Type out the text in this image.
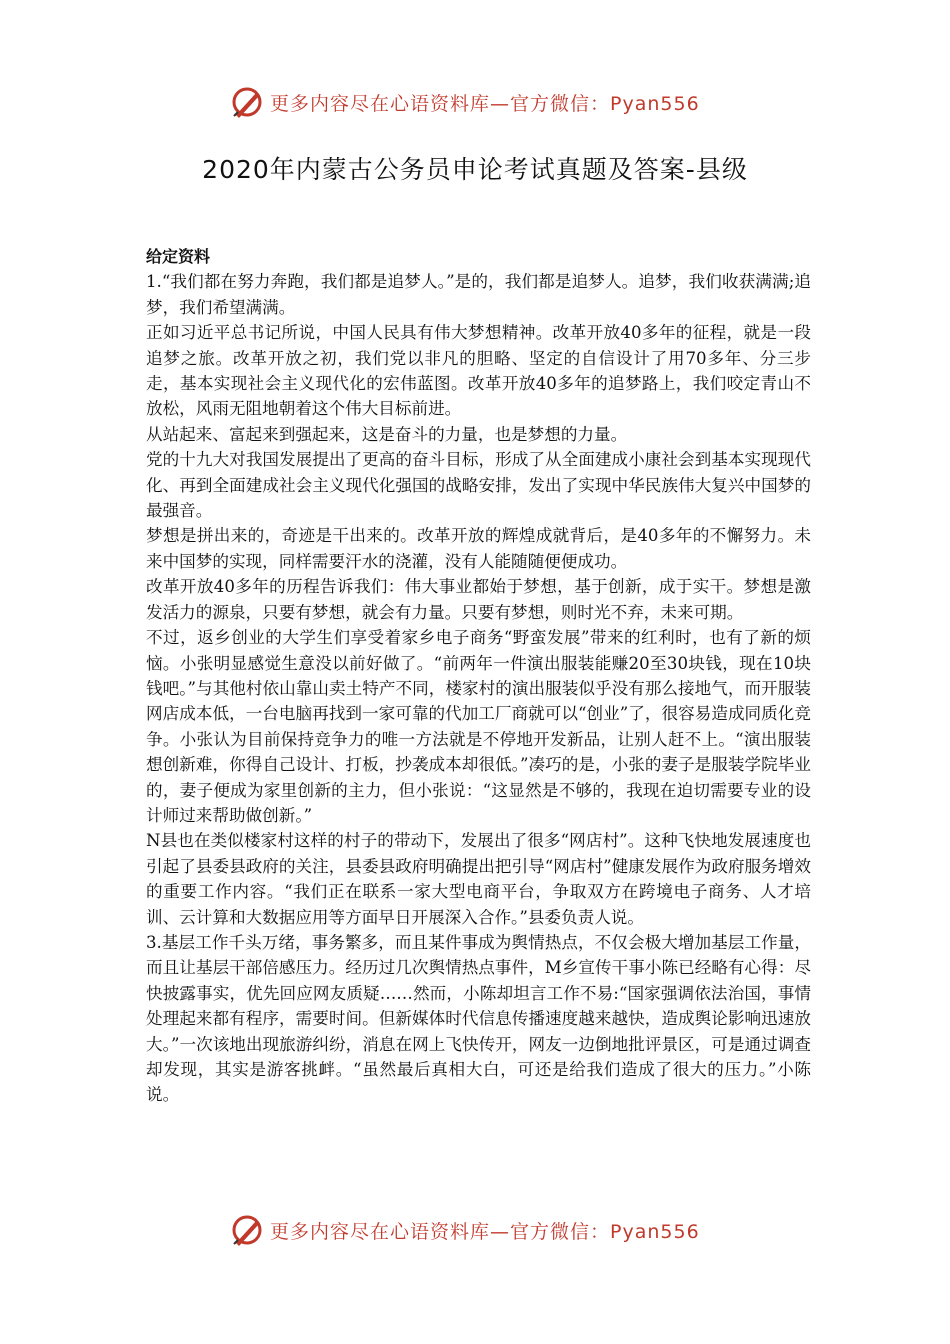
更多内容尽在心语资料库—官方微信：Pyan556
2020年内蒙古公务员申论考试真题及答案-县级

给定资料

1.“我们都在努力奔跑，我们都是追梦人。”是的，我们都是追梦人。追梦，我们收获满满;追梦，我们希望满满。

正如习近平总书记所说，中国人民具有伟大梦想精神。改革开放40多年的征程，就是一段追梦之旅。改革开放之初，我们党以非凡的胆略、坚定的自信设计了用70多年、分三步走，基本实现社会主义现代化的宏伟蓝图。改革开放40多年的追梦路上，我们咬定青山不放松，风雨无阻地朝着这个伟大目标前进。

从站起来、富起来到强起来，这是奋斗的力量，也是梦想的力量。

党的十九大对我国发展提出了更高的奋斗目标，形成了从全面建成小康社会到基本实现现代化、再到全面建成社会主义现代化强国的战略安排，发出了实现中华民族伟大复兴中国梦的最强音。

梦想是拼出来的，奇迹是干出来的。改革开放的辉煌成就背后，是40多年的不懈努力。未来中国梦的实现，同样需要汗水的浇灌，没有人能随随便便成功。

改革开放40多年的历程告诉我们：伟大事业都始于梦想，基于创新，成于实干。梦想是激发活力的源泉，只要有梦想，就会有力量。只要有梦想，则时光不弃，未来可期。

不过，返乡创业的大学生们享受着家乡电子商务“野蛮发展”带来的红利时，也有了新的烦恼。小张明显感觉生意没以前好做了。“前两年一件演出服装能赚20至30块钱，现在10块钱吧。”与其他村依山靠山卖土特产不同，楼家村的演出服装似乎没有那么接地气，而开服装网店成本低，一台电脑再找到一家可靠的代加工厂商就可以“创业”了，很容易造成同质化竞争。小张认为目前保持竞争力的唯一方法就是不停地开发新品，让别人赶不上。“演出服装想创新难，你得自己设计、打板，抄袭成本却很低。”凑巧的是，小张的妻子是服装学院毕业的，妻子便成为家里创新的主力，但小张说：“这显然是不够的，我现在迫切需要专业的设计师过来帮助做创新。”

N县也在类似楼家村这样的村子的带动下，发展出了很多“网店村”。这种飞快地发展速度也引起了县委县政府的关注，县委县政府明确提出把引导“网店村”健康发展作为政府服务增效的重要工作内容。“我们正在联系一家大型电商平台，争取双方在跨境电子商务、人才培训、云计算和大数据应用等方面早日开展深入合作。”县委负责人说。

3.基层工作千头万绪，事务繁多，而且某件事成为舆情热点，不仅会极大增加基层工作量，而且让基层干部倍感压力。经历过几次舆情热点事件，M乡宣传干事小陈已经略有心得：尽快披露事实，优先回应网友质疑……然而，小陈却坦言工作不易:“国家强调依法治国，事情处理起来都有程序，需要时间。但新媒体时代信息传播速度越来越快，造成舆论影响迅速放大。”一次该地出现旅游纠纷，消息在网上飞快传开，网友一边倒地批评景区，可是通过调查却发现，其实是游客挑衅。“虽然最后真相大白，可还是给我们造成了很大的压力。”小陈说。

更多内容尽在心语资料库—官方微信：Pyan556
